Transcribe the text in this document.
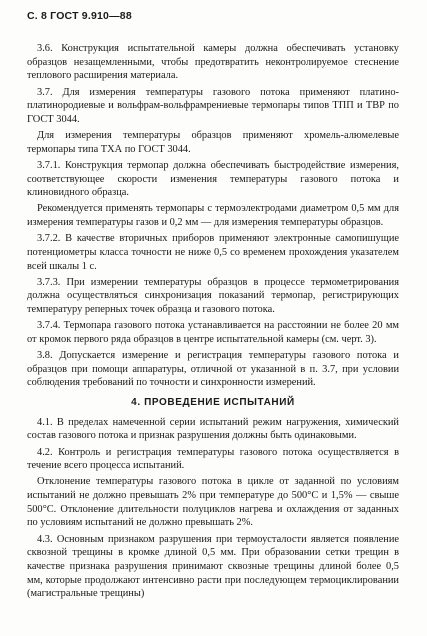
С. 8 ГОСТ 9.910—88

3.6. Конструкция испытательной камеры должна обеспечивать установку образцов незащемленными, чтобы предотвратить неконтролируемое стеснение теплового расширения материала.

3.7. Для измерения температуры газового потока применяют платино-платинородиевые и вольфрам-вольфрамрениевые термопары типов ТПП и ТВР по ГОСТ 3044.

Для измерения температуры образцов применяют хромель-алюмелевые термопары типа ТХА по ГОСТ 3044.

3.7.1. Конструкция термопар должна обеспечивать быстродействие измерения, соответствующее скорости изменения температуры газового потока и клиновидного образца.

Рекомендуется применять термопары с термоэлектродами диаметром 0,5 мм для измерения температуры газов и 0,2 мм — для измерения температуры образцов.

3.7.2. В качестве вторичных приборов применяют электронные самопишущие потенциометры класса точности не ниже 0,5 со временем прохождения указателем всей шкалы 1 с.

3.7.3. При измерении температуры образцов в процессе термометрирования должна осуществляться синхронизация показаний термопар, регистрирующих температуру реперных точек образца и газового потока.

3.7.4. Термопара газового потока устанавливается на расстоянии не более 20 мм от кромок первого ряда образцов в центре испытательной камеры (см. черт. 3).

3.8. Допускается измерение и регистрация температуры газового потока и образцов при помощи аппаратуры, отличной от указанной в п. 3.7, при условии соблюдения требований по точности и синхронности измерений.

4. ПРОВЕДЕНИЕ ИСПЫТАНИЙ

4.1. В пределах намеченной серии испытаний режим нагружения, химический состав газового потока и признак разрушения должны быть одинаковыми.

4.2. Контроль и регистрация температуры газового потока осуществляется в течение всего процесса испытаний.

Отклонение температуры газового потока в цикле от заданной по условиям испытаний не должно превышать 2% при температуре до 500°С и 1,5% — свыше 500°С. Отклонение длительности полуциклов нагрева и охлаждения от заданных по условиям испытаний не должно превышать 2%.

4.3. Основным признаком разрушения при термоусталости является появление сквозной трещины в кромке длиной 0,5 мм. При образовании сетки трещин в качестве признака разрушения принимают сквозные трещины длиной более 0,5 мм, которые продолжают интенсивно расти при последующем термоциклировании (магистральные трещины)
